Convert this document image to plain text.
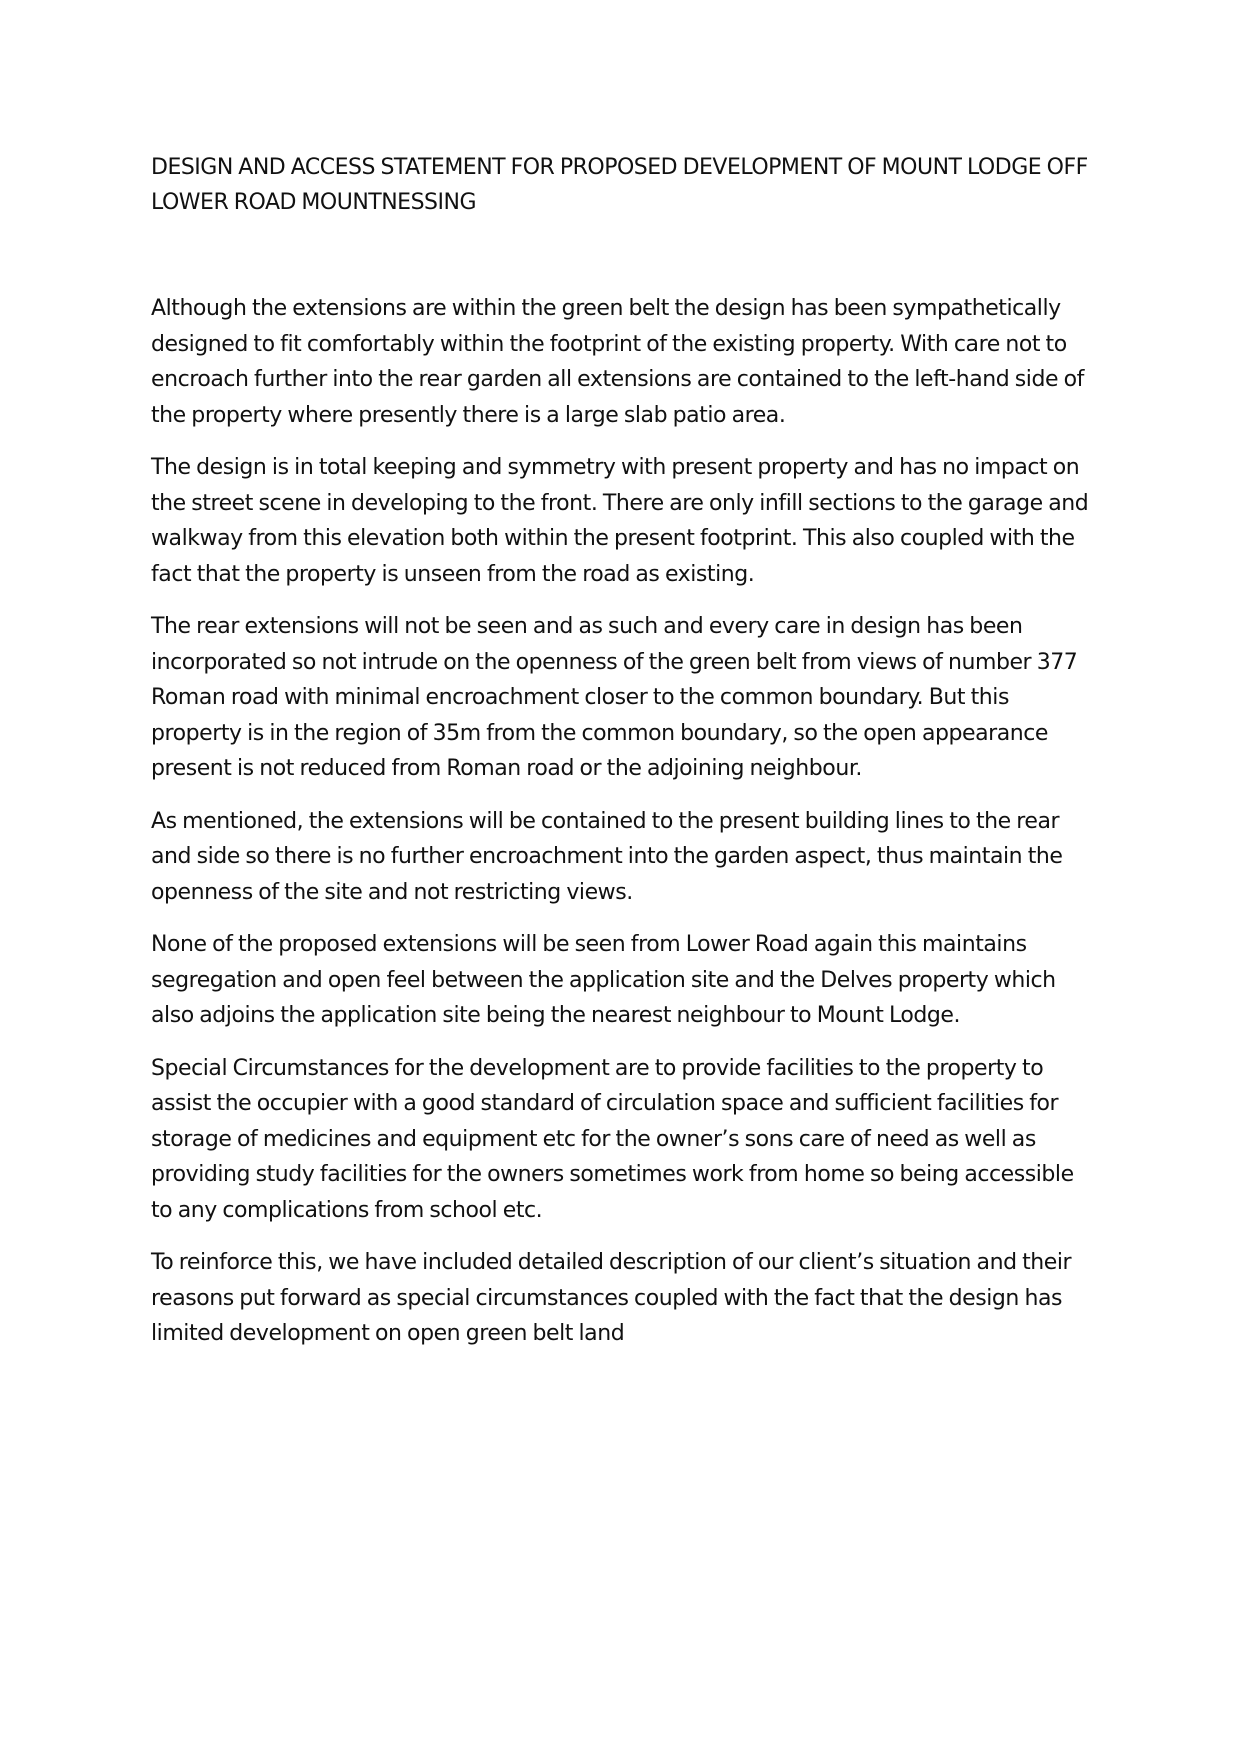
DESIGN AND ACCESS STATEMENT FOR PROPOSED DEVELOPMENT OF MOUNT LODGE OFF LOWER ROAD MOUNTNESSING

Although the extensions are within the green belt the design has been sympathetically designed to fit comfortably within the footprint of the existing property. With care not to encroach further into the rear garden all extensions are contained to the left-hand side of the property where presently there is a large slab patio area.

The design is in total keeping and symmetry with present property and has no impact on the street scene in developing to the front. There are only infill sections to the garage and walkway from this elevation both within the present footprint. This also coupled with the fact that the property is unseen from the road as existing.

The rear extensions will not be seen and as such and every care in design has been incorporated so not intrude on the openness of the green belt from views of number 377 Roman road with minimal encroachment closer to the common boundary. But this property is in the region of 35m from the common boundary, so the open appearance present is not reduced from Roman road or the adjoining neighbour.

As mentioned, the extensions will be contained to the present building lines to the rear and side so there is no further encroachment into the garden aspect, thus maintain the openness of the site and not restricting views.

None of the proposed extensions will be seen from Lower Road again this maintains segregation and open feel between the application site and the Delves property which also adjoins the application site being the nearest neighbour to Mount Lodge.

Special Circumstances for the development are to provide facilities to the property to assist the occupier with a good standard of circulation space and sufficient facilities for storage of medicines and equipment etc for the owner’s sons care of need as well as providing study facilities for the owners sometimes work from home so being accessible to any complications from school etc.

To reinforce this, we have included detailed description of our client’s situation and their reasons put forward as special circumstances coupled with the fact that the design has limited development on open green belt land
